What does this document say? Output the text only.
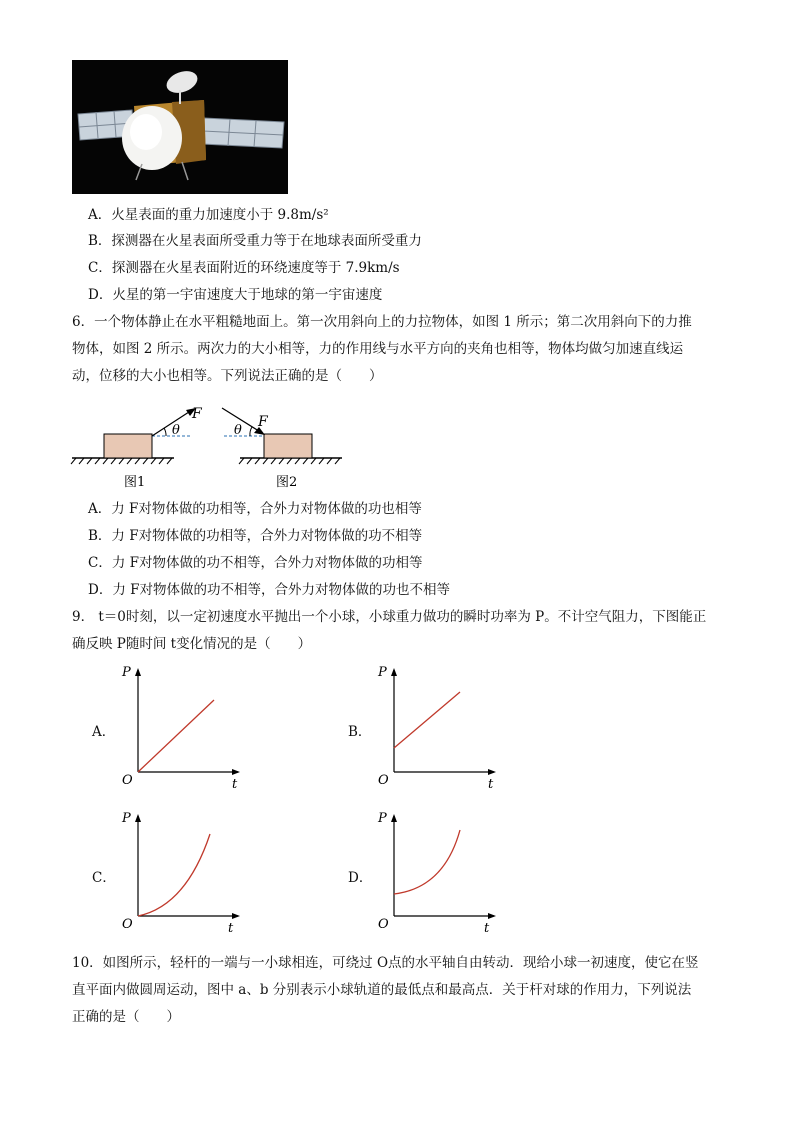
A．火星表面的重力加速度小于 9.8m/s²
B．探测器在火星表面所受重力等于在地球表面所受重力
C．探测器在火星表面附近的环绕速度等于 7.9km/s
D．火星的第一宇宙速度大于地球的第一宇宙速度
6．一个物体静止在水平粗糙地面上。第一次用斜向上的力拉物体，如图 1 所示；第二次用斜向下的力推
物体，如图 2 所示。两次力的大小相等，力的作用线与水平方向的夹角也相等，物体均做匀加速直线运
动，位移的大小也相等。下列说法正确的是（　　）
θ
F
图1
θ
F
图2
A．力 F对物体做的功相等，合外力对物体做的功也相等
B．力 F对物体做的功相等，合外力对物体做的功不相等
C．力 F对物体做的功不相等，合外力对物体做的功相等
D．力 F对物体做的功不相等，合外力对物体做的功也不相等
9． t＝0时刻，以一定初速度水平抛出一个小球，小球重力做功的瞬时功率为 P。不计空气阻力，下图能正
确反映 P随时间 t变化情况的是（　　）
A．	B．
C．	D．
P
t
O
P
t
O
P
t
O
P
t
O
10．如图所示，轻杆的一端与一小球相连，可绕过 O点的水平轴自由转动．现给小球一初速度，使它在竖
直平面内做圆周运动，图中 a、b 分别表示小球轨道的最低点和最高点．关于杆对球的作用力，下列说法
正确的是（　　）
